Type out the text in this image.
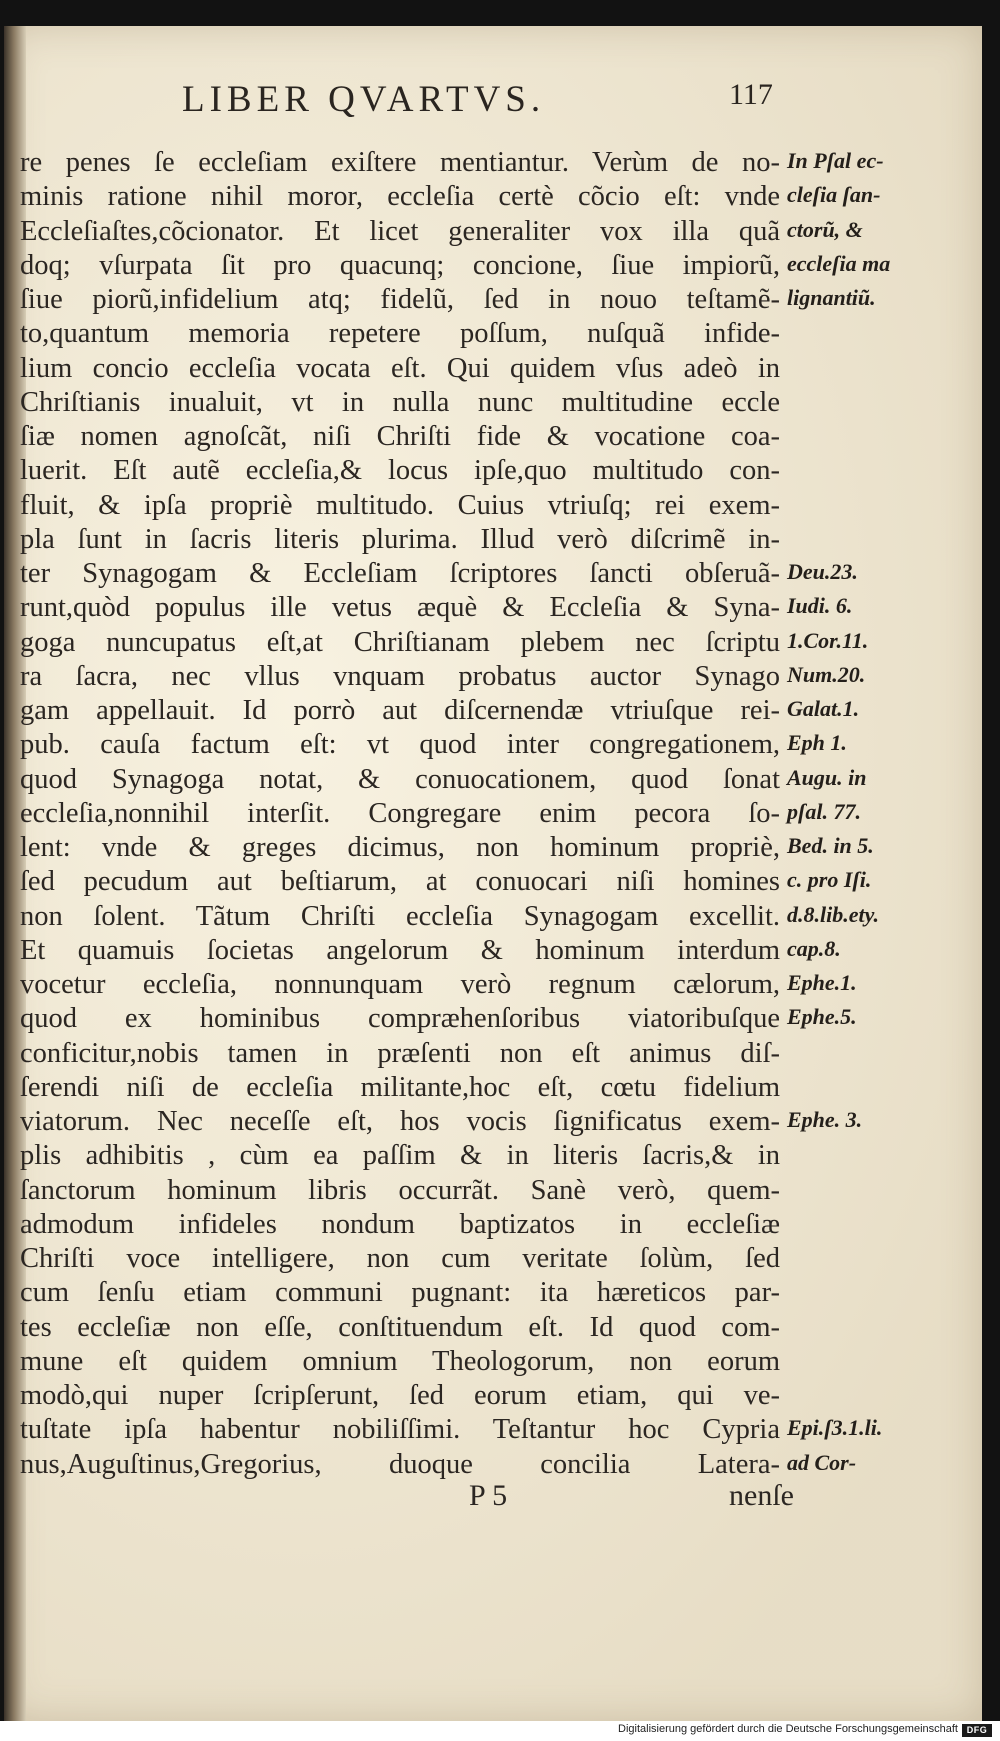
LIBER QVARTVS.	117
re penes ſe eccleſiam exiſtere mentiantur. Verùm de no-
minis ratione nihil moror, eccleſia certè cõcio eſt: vnde
Eccleſiaſtes,cõcionator. Et licet generaliter vox illa quã
doq; vſurpata ſit pro quacunq; concione, ſiue impiorũ,
ſiue piorũ,infidelium atq; fidelũ, ſed in nouo teſtamẽ-
to,quantum memoria repetere poſſum, nuſquã infide-
lium concio eccleſia vocata eſt. Qui quidem vſus adeò in
Chriſtianis inualuit, vt in nulla nunc multitudine eccle
ſiæ nomen agnoſcãt, niſi Chriſti fide & vocatione coa-
luerit. Eſt autẽ eccleſia,& locus ipſe,quo multitudo con-
fluit, & ipſa propriè multitudo. Cuius vtriuſq; rei exem-
pla ſunt in ſacris literis plurima. Illud verò diſcrimẽ in-
ter Synagogam & Eccleſiam ſcriptores ſancti obſeruã-
runt,quòd populus ille vetus æquè & Eccleſia & Syna-
goga nuncupatus eſt,at Chriſtianam plebem nec ſcriptu
ra ſacra, nec vllus vnquam probatus auctor Synago
gam appellauit. Id porrò aut diſcernendæ vtriuſque rei-
pub. cauſa factum eſt: vt quod inter congregationem,
quod Synagoga notat, & conuocationem, quod ſonat
eccleſia,nonnihil interſit. Congregare enim pecora ſo-
lent: vnde & greges dicimus, non hominum propriè,
ſed pecudum aut beſtiarum, at conuocari niſi homines
non ſolent. Tãtum Chriſti eccleſia Synagogam excellit.
Et quamuis ſocietas angelorum & hominum interdum
vocetur eccleſia, nonnunquam verò regnum cælorum,
quod ex hominibus compræhenſoribus viatoribuſque
conficitur,nobis tamen in præſenti non eſt animus diſ-
ſerendi niſi de eccleſia militante,hoc eſt, cœtu fidelium
viatorum. Nec neceſſe eſt, hos vocis ſignificatus exem-
plis adhibitis , cùm ea paſſim & in literis ſacris,& in
ſanctorum hominum libris occurrãt. Sanè verò, quem-
admodum infideles nondum baptizatos in eccleſiæ
Chriſti voce intelligere, non cum veritate ſolùm, ſed
cum ſenſu etiam communi pugnant: ita hæreticos par-
tes eccleſiæ non eſſe, conſtituendum eſt. Id quod com-
mune eſt quidem omnium Theologorum, non eorum
modò,qui nuper ſcripſerunt, ſed eorum etiam, qui ve-
tuſtate ipſa habentur nobiliſſimi. Teſtantur hoc Cypria
nus,Auguſtinus,Gregorius, duoque concilia Latera-
In Pſal ec-
cleſia ſan-
ctorũ, &
eccleſia ma
lignantiũ.
Deu.23.
Iudi. 6.
1.Cor.11.
Num.20.
Galat.1.
Eph 1.
Augu. in
pſal. 77.
Bed. in 5.
c. pro Iſi.
d.8.lib.ety.
cap.8.
Ephe.1.
Ephe.5.
Ephe. 3.
Epi.ſ3.1.li.
ad Cor-
P 5	nenſe
Digitalisierung gefördert durch die Deutsche Forschungsgemeinschaft DFG
